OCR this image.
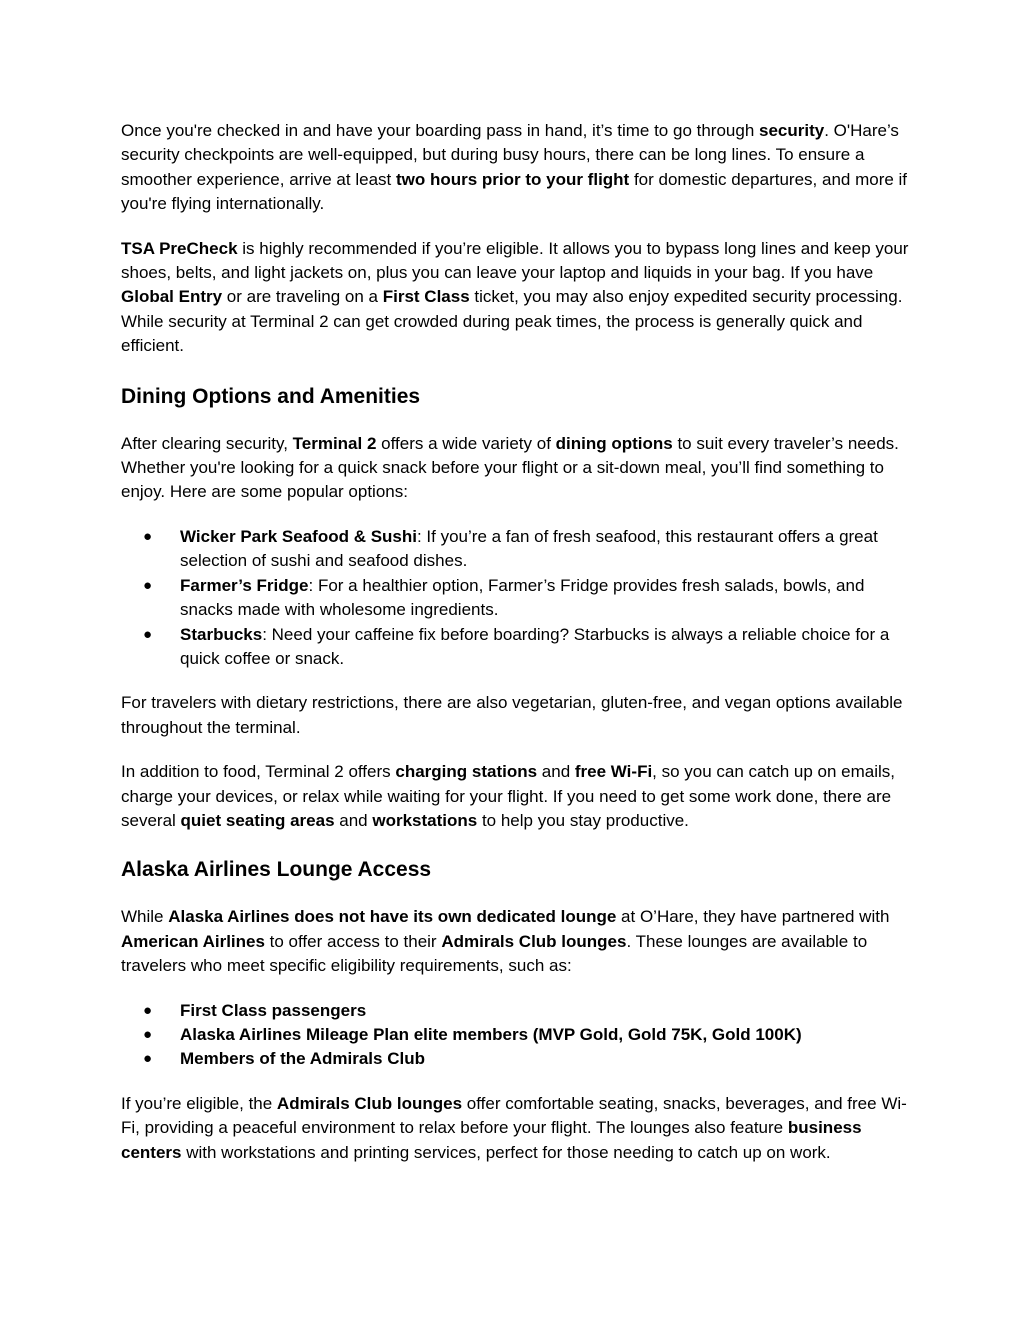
Once you're checked in and have your boarding pass in hand, it’s time to go through security. O'Hare’s security checkpoints are well-equipped, but during busy hours, there can be long lines. To ensure a smoother experience, arrive at least two hours prior to your flight for domestic departures, and more if you're flying internationally.

TSA PreCheck is highly recommended if you’re eligible. It allows you to bypass long lines and keep your shoes, belts, and light jackets on, plus you can leave your laptop and liquids in your bag. If you have Global Entry or are traveling on a First Class ticket, you may also enjoy expedited security processing. While security at Terminal 2 can get crowded during peak times, the process is generally quick and efficient.

Dining Options and Amenities

After clearing security, Terminal 2 offers a wide variety of dining options to suit every traveler’s needs. Whether you're looking for a quick snack before your flight or a sit-down meal, you’ll find something to enjoy. Here are some popular options:

● Wicker Park Seafood & Sushi: If you’re a fan of fresh seafood, this restaurant offers a great selection of sushi and seafood dishes.
● Farmer’s Fridge: For a healthier option, Farmer’s Fridge provides fresh salads, bowls, and snacks made with wholesome ingredients.
● Starbucks: Need your caffeine fix before boarding? Starbucks is always a reliable choice for a quick coffee or snack.

For travelers with dietary restrictions, there are also vegetarian, gluten-free, and vegan options available throughout the terminal.

In addition to food, Terminal 2 offers charging stations and free Wi-Fi, so you can catch up on emails, charge your devices, or relax while waiting for your flight. If you need to get some work done, there are several quiet seating areas and workstations to help you stay productive.

Alaska Airlines Lounge Access

While Alaska Airlines does not have its own dedicated lounge at O’Hare, they have partnered with American Airlines to offer access to their Admirals Club lounges. These lounges are available to travelers who meet specific eligibility requirements, such as:

● First Class passengers
● Alaska Airlines Mileage Plan elite members (MVP Gold, Gold 75K, Gold 100K)
● Members of the Admirals Club

If you’re eligible, the Admirals Club lounges offer comfortable seating, snacks, beverages, and free Wi-Fi, providing a peaceful environment to relax before your flight. The lounges also feature business centers with workstations and printing services, perfect for those needing to catch up on work.
